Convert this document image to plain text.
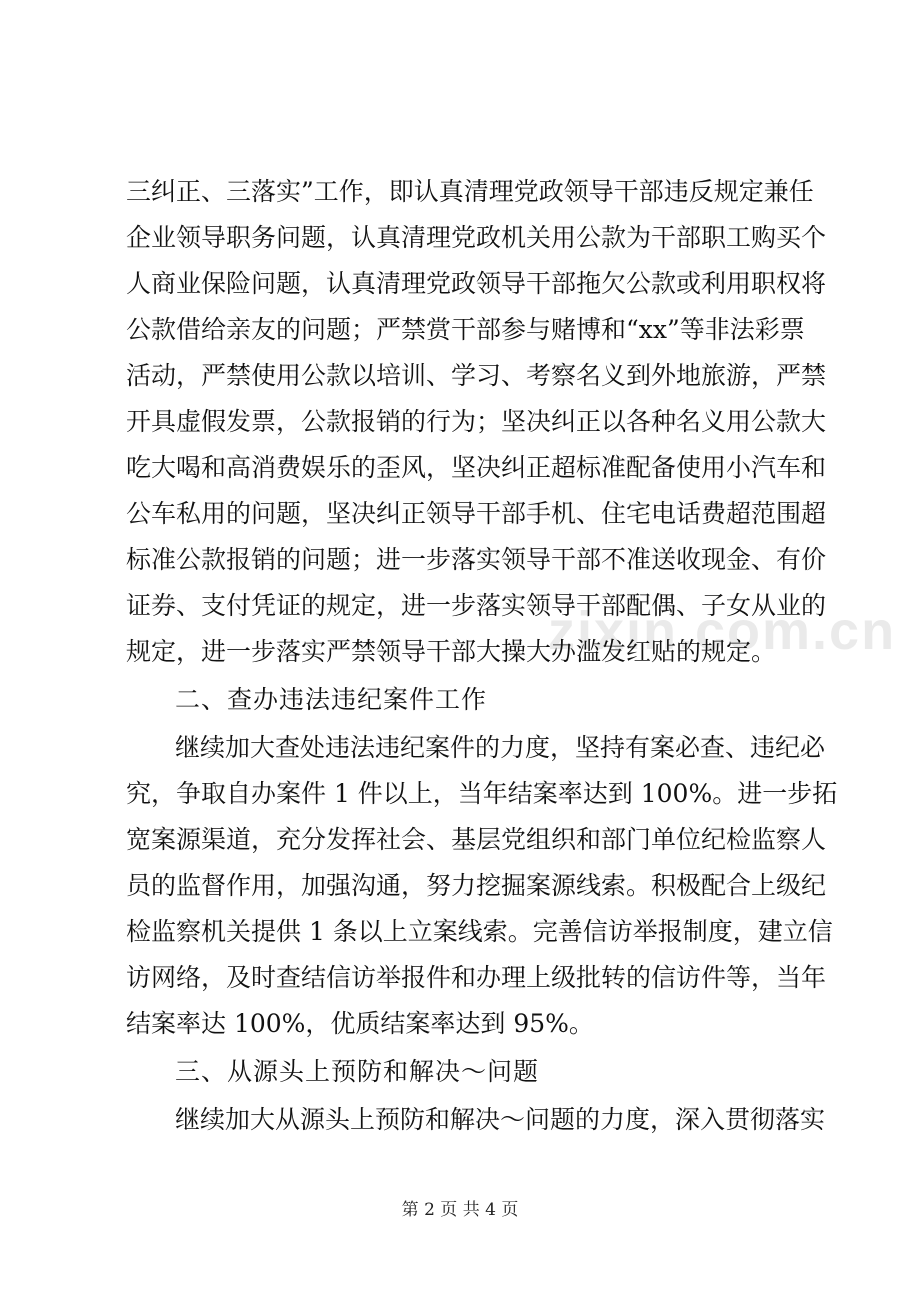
zixin.com.cn
三纠正、三落实”工作，即认真清理党政领导干部违反规定兼任
企业领导职务问题，认真清理党政机关用公款为干部职工购买个
人商业保险问题，认真清理党政领导干部拖欠公款或利用职权将
公款借给亲友的问题；严禁赏干部参与赌博和“xx”等非法彩票
活动，严禁使用公款以培训、学习、考察名义到外地旅游，严禁
开具虚假发票，公款报销的行为；坚决纠正以各种名义用公款大
吃大喝和高消费娱乐的歪风，坚决纠正超标准配备使用小汽车和
公车私用的问题，坚决纠正领导干部手机、住宅电话费超范围超
标准公款报销的问题；进一步落实领导干部不准送收现金、有价
证券、支付凭证的规定，进一步落实领导干部配偶、子女从业的
规定，进一步落实严禁领导干部大操大办滥发红贴的规定。
二、查办违法违纪案件工作
继续加大查处违法违纪案件的力度，坚持有案必查、违纪必
究，争取自办案件 1 件以上，当年结案率达到 100%。进一步拓
宽案源渠道，充分发挥社会、基层党组织和部门单位纪检监察人
员的监督作用，加强沟通，努力挖掘案源线索。积极配合上级纪
检监察机关提供 1 条以上立案线索。完善信访举报制度，建立信
访网络，及时查结信访举报件和办理上级批转的信访件等，当年
结案率达 100%，优质结案率达到 95%。
三、从源头上预防和解决～问题
继续加大从源头上预防和解决～问题的力度，深入贯彻落实
第 2 页 共 4 页
